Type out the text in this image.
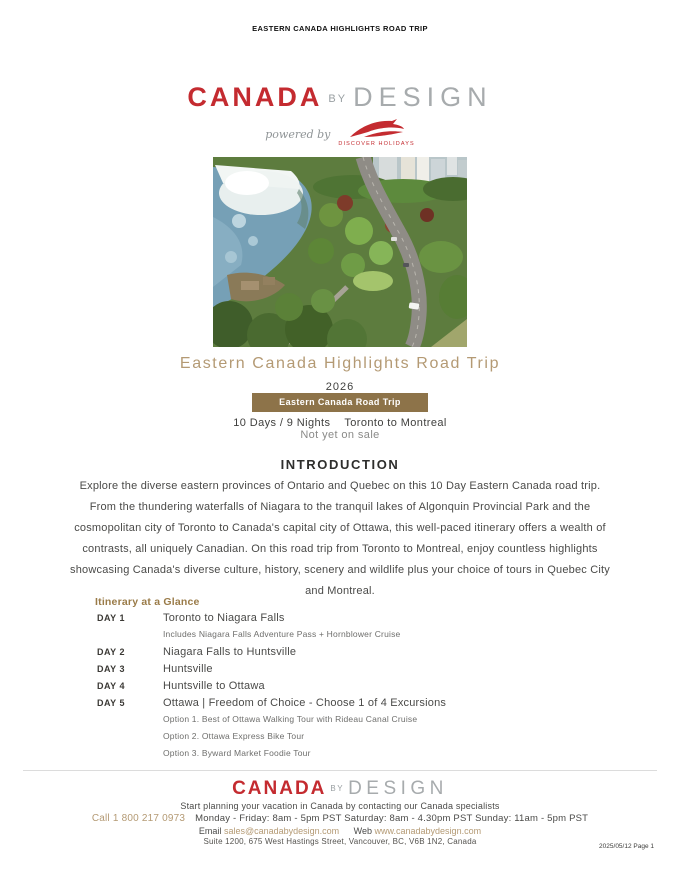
EASTERN CANADA HIGHLIGHTS ROAD TRIP
CANADA $^{BY}$ DESIGN
powered by
DISCOVER HOLIDAYS
Eastern Canada Highlights Road Trip
2026
Eastern Canada Road Trip
10 Days / 9 Nights Toronto to Montreal
Not yet on sale
INTRODUCTION
Explore the diverse eastern provinces of Ontario and Quebec on this 10 Day Eastern Canada road trip. From the thundering waterfalls of Niagara to the tranquil lakes of Algonquin Provincial Park and the cosmopolitan city of Toronto to Canada's capital city of Ottawa, this well-paced itinerary offers a wealth of contrasts, all uniquely Canadian. On this road trip from Toronto to Montreal, enjoy countless highlights showcasing Canada's diverse culture, history, scenery and wildlife plus your choice of tours in Quebec City and Montreal.
Itinerary at a Glance
DAY 1	Toronto to Niagara Falls
Includes Niagara Falls Adventure Pass + Hornblower Cruise
DAY 2	Niagara Falls to Huntsville
DAY 3	Huntsville
DAY 4	Huntsville to Ottawa
DAY 5	Ottawa | Freedom of Choice - Choose 1 of 4 Excursions
Option 1. Best of Ottawa Walking Tour with Rideau Canal Cruise
Option 2. Ottawa Express Bike Tour
Option 3. Byward Market Foodie Tour
CANADA BY DESIGN
Start planning your vacation in Canada by contacting our Canada specialists
Call 1 800 217 0973 Monday - Friday: 8am - 5pm PST Saturday: 8am - 4.30pm PST Sunday: 11am - 5pm PST
Email sales@canadabydesign.com Web www.canadabydesign.com
Suite 1200, 675 West Hastings Street, Vancouver, BC, V6B 1N2, Canada
2025/05/12 Page 1
